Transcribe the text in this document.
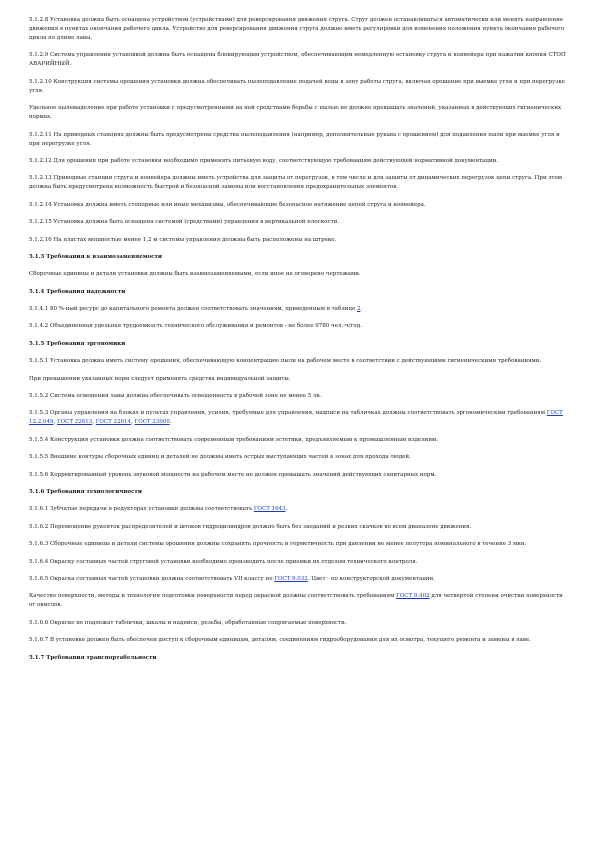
5.1.2.8 Установка должна быть оснащена устройством (устройствами) для реверсирования движения струга. Струг должен останавливаться автоматически или менять направление движения в пунктах окончания рабочего цикла. Устройство для реверсирования движения струга должно иметь регулировки для изменения положения пункта окончания рабочего цикла по длине лавы.
5.1.2.9 Система управления установкой должна быть оснащена блокирующим устройством, обеспечивающим немедленную остановку струга и конвейера при нажатии кнопки СТОП АВАРИЙНЫЙ.
5.1.2.10 Конструкция системы орошения установки должна обеспечивать пылеподавление подачей воды в зону работы струга, включая орошение при выемке угля и при перегрузке угля.
Удельное пылевыделение при работе установки с предусмотренными на ней средствами борьбы с пылью не должно превышать значений, указанных в действующих гигиенических нормах.
5.1.2.11 На приводных станциях должны быть предусмотрены средства пылеподавления (например, дополнительные рукава с орошением) для подавления пыли при выемке угля и при перегрузке угля.
5.1.2.12 Для орошения при работе установки необходимо применять питьевую воду, соответствующую требованиям действующей нормативной документации.
5.1.2.13 Приводные станции струга и конвейера должны иметь устройства для защиты от перегрузок, в том числе и для защиты от динамических перегрузок цепи струга. При этом должна быть предусмотрена возможность быстрой и безопасной замены или восстановления предохранительных элементов.
5.1.2.14 Установка должна иметь стопорные или иные механизмы, обеспечивающие безопасное натяжение цепей струга и конвейера.
5.1.2.15 Установка должна быть оснащена системой (средствами) управления в вертикальной плоскости.
5.1.2.16 На пластах мощностью менее 1,2 м системы управления должны быть расположены на штреке.
5.1.3 Требования к взаимозаменяемости
Сборочные единицы и детали установки должны быть взаимозаменяемыми, если иное не оговорено чертежами.
5.1.4 Требования надежности
5.1.4.1 80 %-ный ресурс до капитального ремонта должен соответствовать значениям, приведенным в таблице 2.
5.1.4.2 Объединенная удельная трудоемкость технического обслуживания и ремонтов - не более 9780 чел.-ч/год.
5.1.5 Требования эргономики
5.1.5.1 Установка должна иметь систему орошения, обеспечивающую концентрацию пыли на рабочем месте в соответствии с действующими гигиеническими требованиями.
При превышении указанных норм следует применять средства индивидуальной защиты.
5.1.5.2 Система освещения лавы должна обеспечивать освещенность в рабочей зоне не менее 5 лк.
5.1.5.3 Органы управления на блоках и пультах управления, усилия, требуемые для управления, надписи на табличках должны соответствовать эргономическим требованиям ГОСТ 12.2.049, ГОСТ 22613, ГОСТ 22614, ГОСТ 23000.
5.1.5.4 Конструкция установки должна соответствовать современным требованиям эстетики, предъявляемым к промышленным изделиям.
5.1.5.5 Внешние контуры сборочных единиц и деталей не должны иметь острых выступающих частей в зонах для прохода людей.
5.1.5.6 Корректированный уровень звуковой мощности на рабочем месте не должен превышать значений действующих санитарных норм.
5.1.6 Требования технологичности
5.1.6.1 Зубчатые передачи в редукторах установки должны соответствовать ГОСТ 1643.
5.1.6.2 Перемещение рукояток распределителей и штоков гидроцилиндров должно быть без заеданий и резких скачков во всем диапазоне движения.
5.1.6.3 Сборочные единицы и детали системы орошения должны сохранять прочность и герметичность при давлении не менее полутора номинального в течение 3 мин.
5.1.6.4 Окраску составных частей струговой установки необходимо производить после приемки их отделом технического контроля.
5.1.6.5 Окраска составных частей установки должна соответствовать VII классу по ГОСТ 9.032. Цвет - по конструкторской документации.
Качество поверхности, методы и технология подготовки поверхности перед окраской должны соответствовать требованиям ГОСТ 9.402 для четвертой степени очистки поверхности от окислов.
5.1.6.6 Окраске не подлежат таблички, шкалы и надписи, резьбы, обработанные сопрягаемые поверхности.
5.1.6.7 В установке должен быть обеспечен доступ к сборочным единицам, деталям, соединениям гидрооборудования для их осмотра, текущего ремонта и замены в лаве.
5.1.7 Требования транспортабельности
